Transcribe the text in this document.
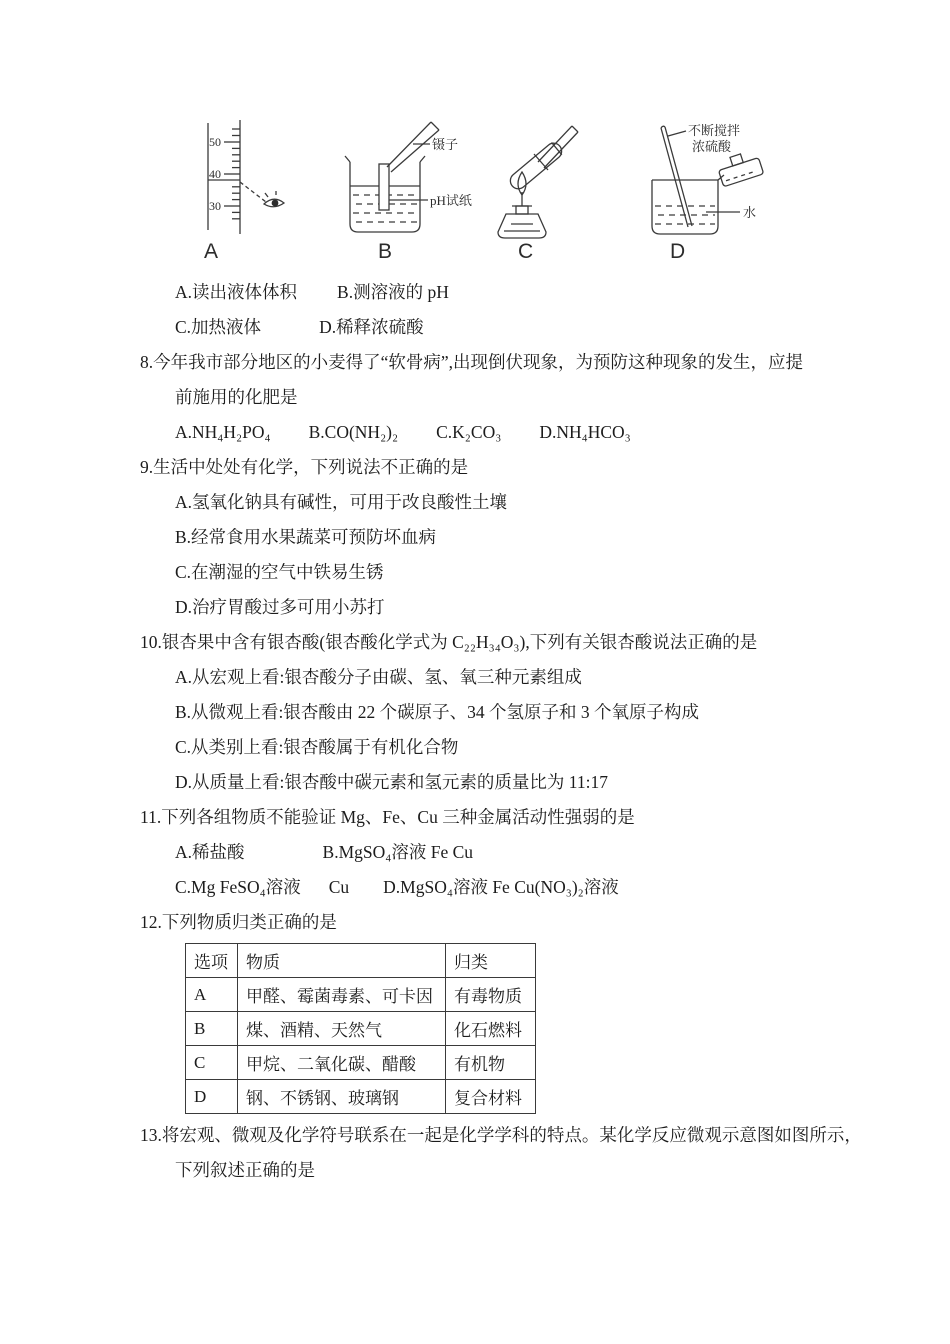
50
40
30
A
镊子
pH试纸
B	C
不断搅拌
浓硫酸
水
D

A.读出液体体积 B.测溶液的 pH

C.加热液体	D.稀释浓硫酸

8.今年我市部分地区的小麦得了“软骨病”,出现倒伏现象，为预防这种现象的发生，应提

前施用的化肥是

A.NH₄H₂PO₄ B.CO(NH₂)₂ C.K₂CO₃ D.NH₄HCO₃

9.生活中处处有化学，下列说法不正确的是

A.氢氧化钠具有碱性，可用于改良酸性土壤

B.经常食用水果蔬菜可预防坏血病

C.在潮湿的空气中铁易生锈

D.治疗胃酸过多可用小苏打

10.银杏果中含有银杏酸(银杏酸化学式为 C₂₂H₃₄O₃),下列有关银杏酸说法正确的是

A.从宏观上看:银杏酸分子由碳、氢、氧三种元素组成

B.从微观上看:银杏酸由 22 个碳原子、34 个氢原子和 3 个氧原子构成

C.从类别上看:银杏酸属于有机化合物

D.从质量上看:银杏酸中碳元素和氢元素的质量比为 11:17

11.下列各组物质不能验证 Mg、Fe、Cu 三种金属活动性强弱的是

A.稀盐酸	B.MgSO₄溶液 Fe Cu

C.Mg FeSO₄溶液 Cu D.MgSO₄溶液 Fe Cu(NO₃)₂溶液

12.下列物质归类正确的是

选项	物质	归类
A	甲醛、霉菌毒素、可卡因	有毒物质
B	煤、酒精、天然气	化石燃料
C	甲烷、二氧化碳、醋酸	有机物
D	钢、不锈钢、玻璃钢	复合材料

13.将宏观、微观及化学符号联系在一起是化学学科的特点。某化学反应微观示意图如图所示，

下列叙述正确的是
